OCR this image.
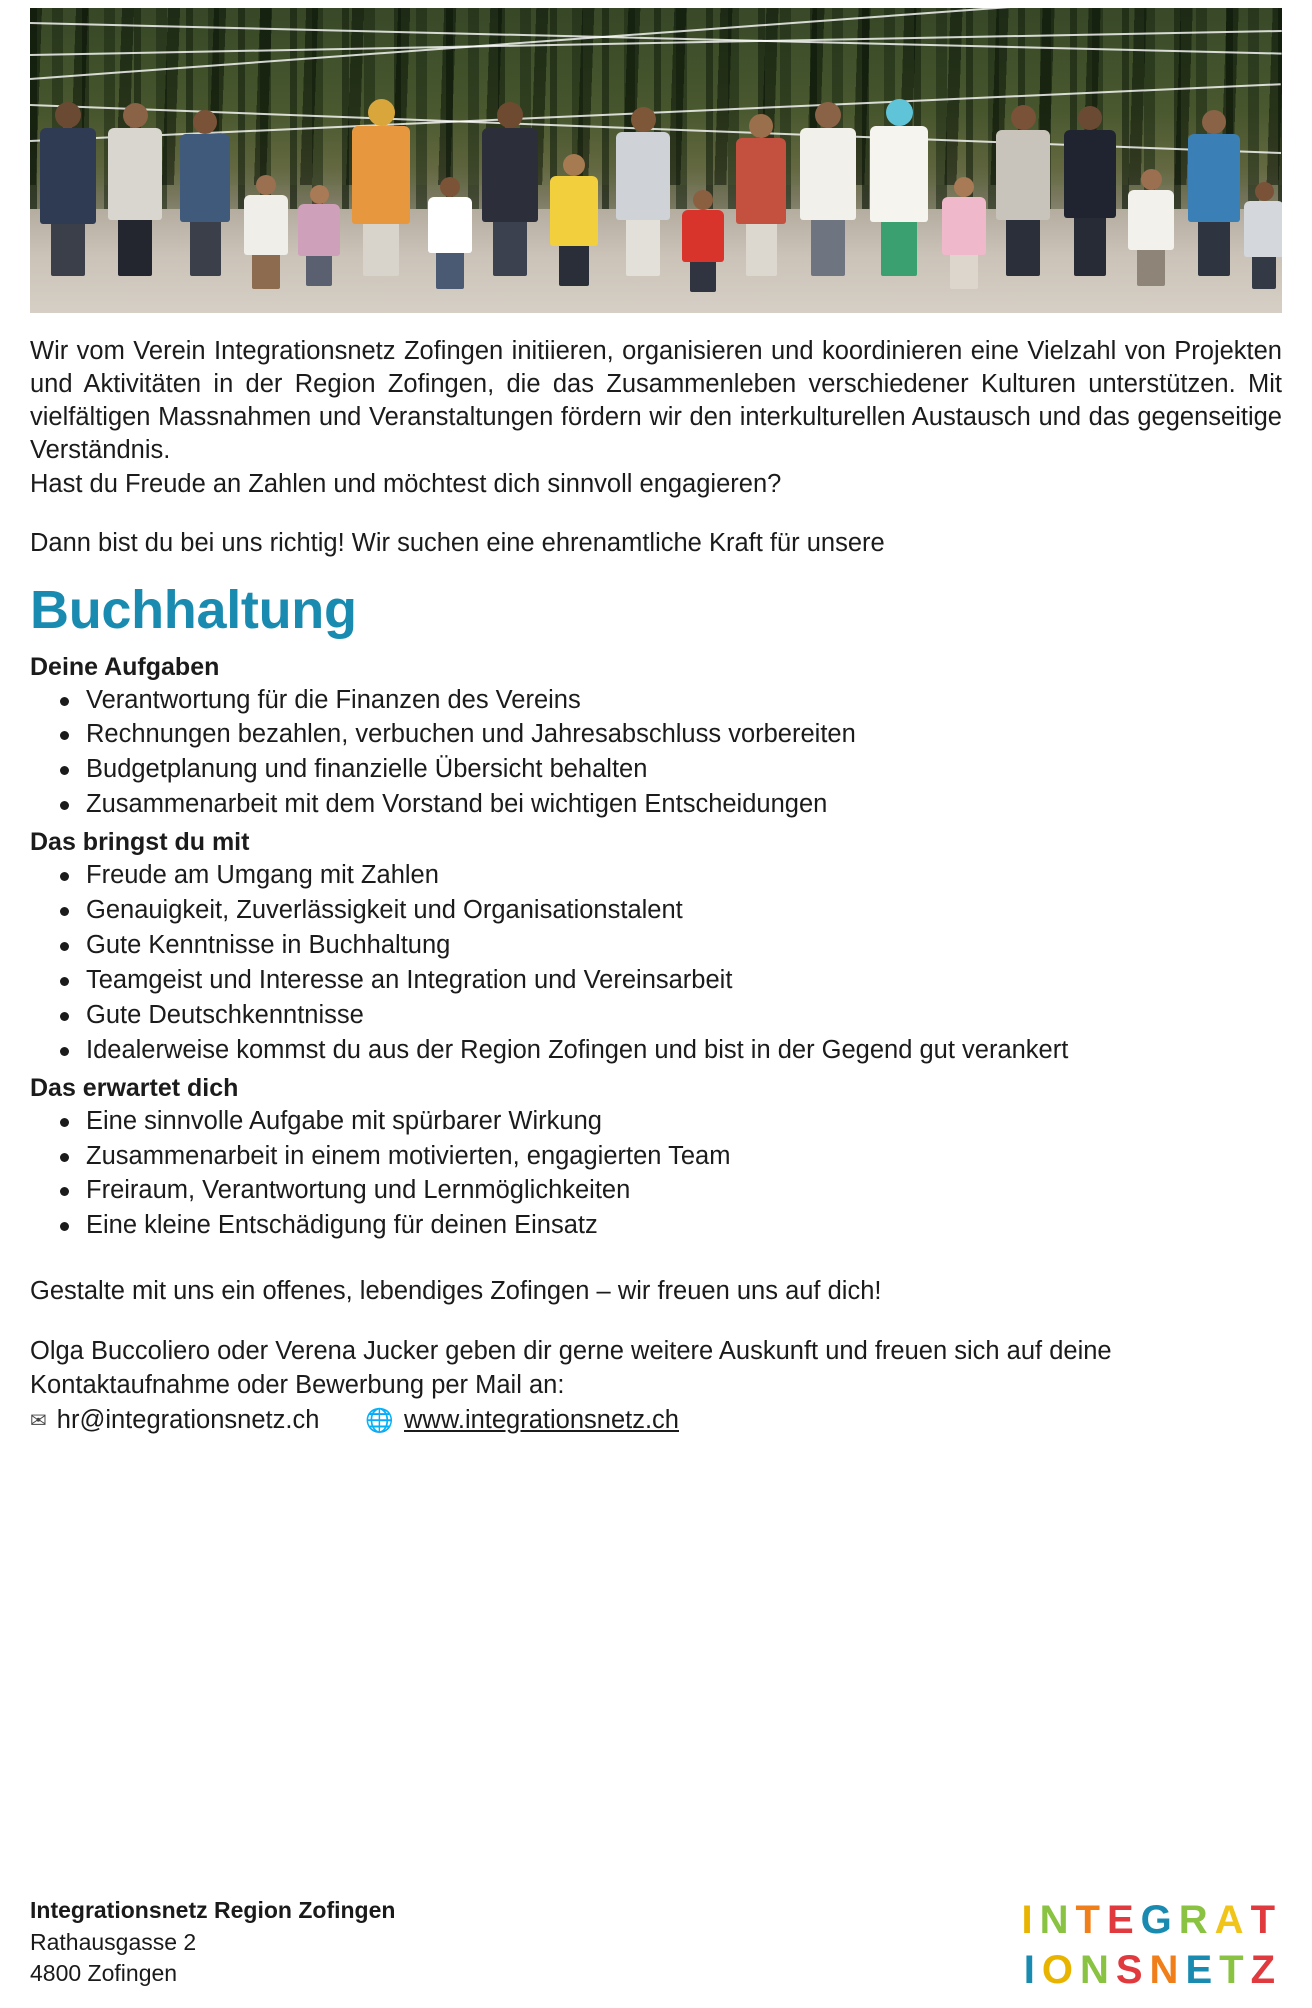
Wir vom Verein Integrationsnetz Zofingen initiieren, organisieren und koordinieren eine Vielzahl von Projekten und Aktivitäten in der Region Zofingen, die das Zusammenleben verschiedener Kulturen unterstützen. Mit vielfältigen Massnahmen und Veranstaltungen fördern wir den interkulturellen Austausch und das gegenseitige Verständnis.

Hast du Freude an Zahlen und möchtest dich sinnvoll engagieren?

Dann bist du bei uns richtig! Wir suchen eine ehrenamtliche Kraft für unsere
Buchhaltung
Deine Aufgaben
Verantwortung für die Finanzen des Vereins
Rechnungen bezahlen, verbuchen und Jahresabschluss vorbereiten
Budgetplanung und finanzielle Übersicht behalten
Zusammenarbeit mit dem Vorstand bei wichtigen Entscheidungen
Das bringst du mit
Freude am Umgang mit Zahlen
Genauigkeit, Zuverlässigkeit und Organisationstalent
Gute Kenntnisse in Buchhaltung
Teamgeist und Interesse an Integration und Vereinsarbeit
Gute Deutschkenntnisse
Idealerweise kommst du aus der Region Zofingen und bist in der Gegend gut verankert
Das erwartet dich
Eine sinnvolle Aufgabe mit spürbarer Wirkung
Zusammenarbeit in einem motivierten, engagierten Team
Freiraum, Verantwortung und Lernmöglichkeiten
Eine kleine Entschädigung für deinen Einsatz

Gestalte mit uns ein offenes, lebendiges Zofingen – wir freuen uns auf dich!

Olga Buccoliero oder Verena Jucker geben dir gerne weitere Auskunft und freuen sich auf deine Kontaktaufnahme oder Bewerbung per Mail an:

✉ hr@integrationsnetz.ch 🌐 www.integrationsnetz.ch
Integrationsnetz Region Zofingen
Rathausgasse 2
4800 Zofingen
INTEGRAT
IONSNETZ
